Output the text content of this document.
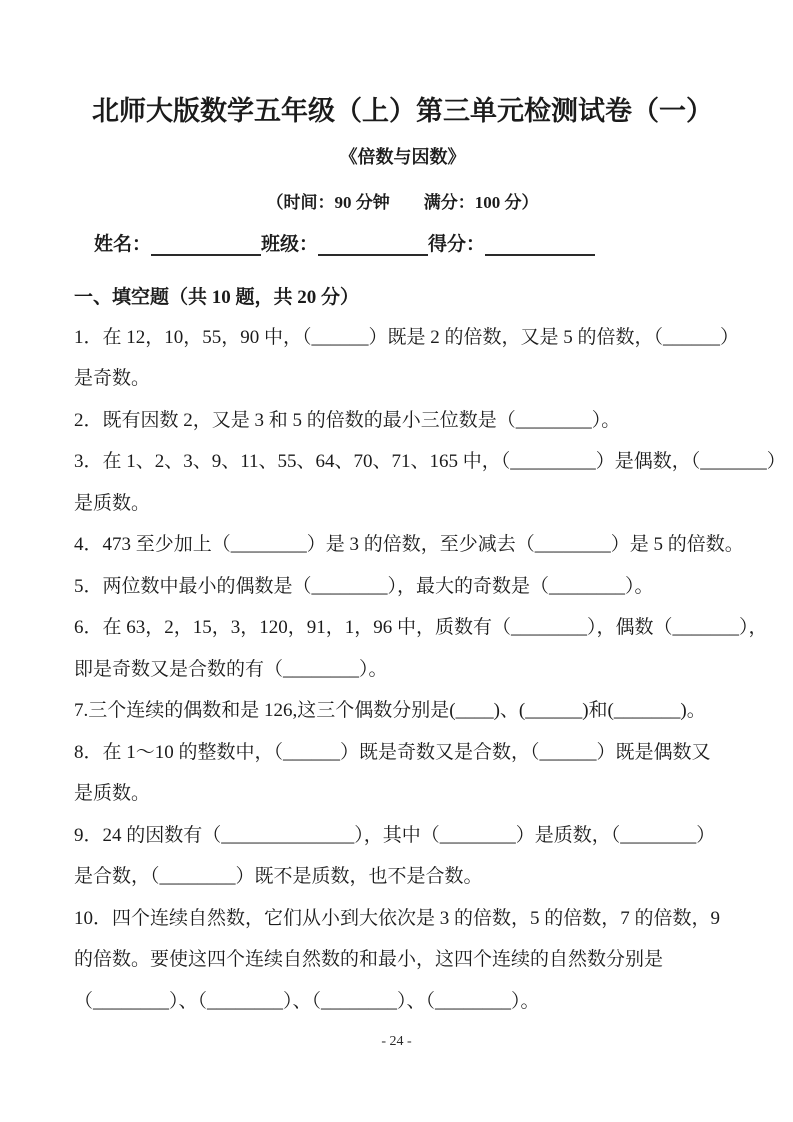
北师大版数学五年级（上）第三单元检测试卷（一）
《倍数与因数》
（时间：90 分钟        满分：100 分）
姓名：	班级：	得分：
一、填空题（共 10 题，共 20 分）
1．在 12，10，55，90 中，（______）既是 2 的倍数，又是 5 的倍数，（______）
是奇数。
2．既有因数 2，又是 3 和 5 的倍数的最小三位数是（________）。
3．在 1、2、3、9、11、55、64、70、71、165 中，（_________）是偶数，（_______）
是质数。
4．473 至少加上（________）是 3 的倍数，至少减去（________）是 5 的倍数。
5．两位数中最小的偶数是（________），最大的奇数是（________）。
6．在 63，2，15，3，120，91，1，96 中，质数有（________），偶数（_______），
即是奇数又是合数的有（________）。
7.三个连续的偶数和是 126,这三个偶数分别是(____)、(______)和(_______)。
8．在 1～10 的整数中，（______）既是奇数又是合数，（______）既是偶数又
是质数。
9．24 的因数有（______________），其中（________）是质数，（________）
是合数，（________）既不是质数，也不是合数。
10．四个连续自然数，它们从小到大依次是 3 的倍数，5 的倍数，7 的倍数，9
的倍数。要使这四个连续自然数的和最小，这四个连续的自然数分别是
（________）、（________）、（________）、（________）。
- 24 -
